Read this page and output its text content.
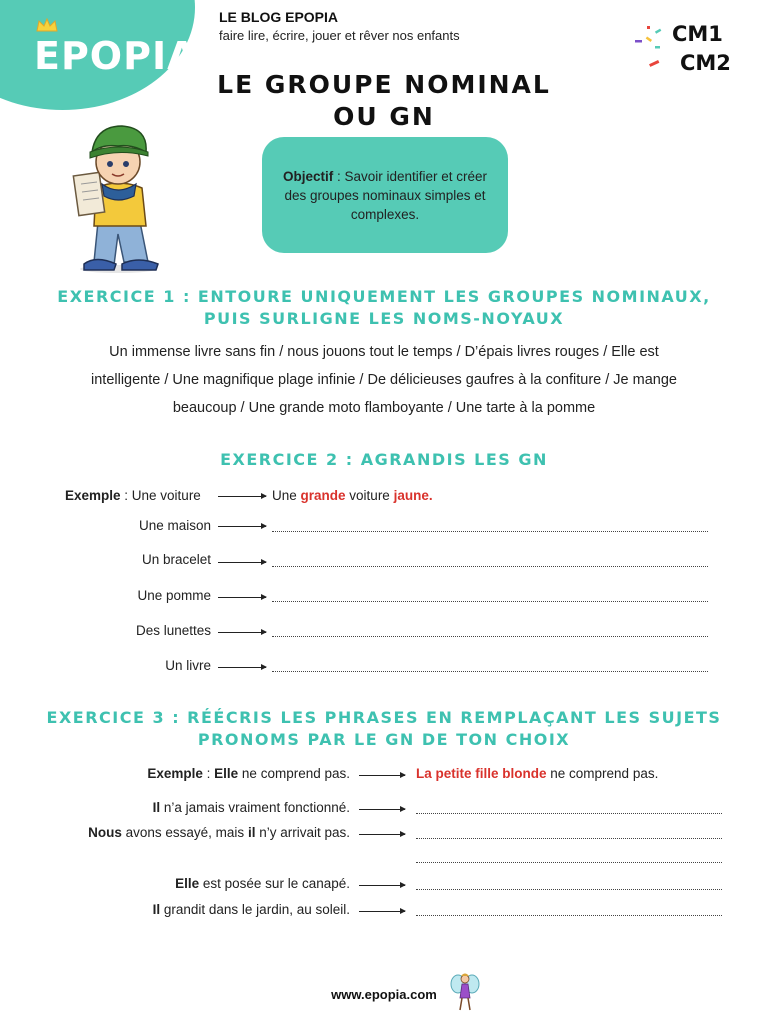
EPOPIA
LE BLOG EPOPIA
faire lire, écrire, jouer et rêver nos enfants	CM1
CM2
LE GROUPE NOMINAL
OU GN
Objectif : Savoir identifier et créer des groupes nominaux simples et complexes.
EXERCICE 1 : ENTOURE UNIQUEMENT LES GROUPES NOMINAUX,
PUIS SURLIGNE LES NOMS-NOYAUX
Un immense livre sans fin / nous jouons tout le temps / D’épais livres rouges / Elle est
intelligente / Une magnifique plage infinie / De délicieuses gaufres à la confiture / Je mange
beaucoup / Une grande moto flamboyante / Une tarte à la pomme
EXERCICE 2 : AGRANDIS LES GN
Exemple : Une voiture	Une grande voiture jaune.
Une maison
Un bracelet
Une pomme
Des lunettes
Un livre
EXERCICE 3 : RÉÉCRIS LES PHRASES EN REMPLAÇANT LES SUJETS
PRONOMS PAR LE GN DE TON CHOIX
Exemple : Elle ne comprend pas.	La petite fille blonde ne comprend pas.
Il n’a jamais vraiment fonctionné.
Nous avons essayé, mais il n’y arrivait pas.
Elle est posée sur le canapé.
Il grandit dans le jardin, au soleil.
www.epopia.com
